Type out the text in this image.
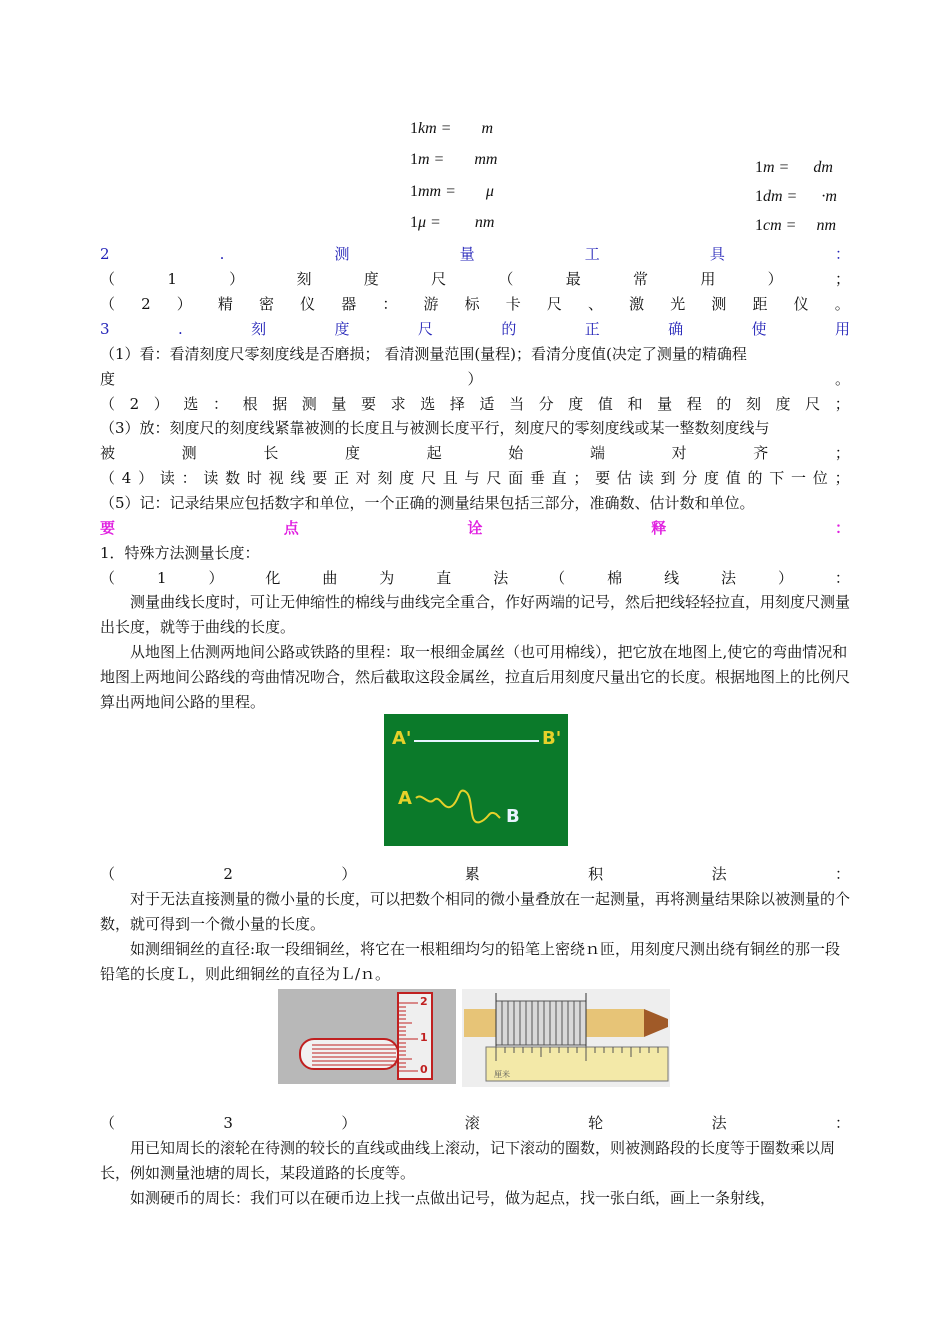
1km = m
1m = mm
1mm = μ
1μ = nm
1m = dm
1dm = ·m
1cm = nm
2	.	测	量	工	具	：
（	1	）	刻	度	尺	（	最	常	用	）	；
（ 2 ） 精 密 仪 器 ： 游 标 卡 尺 、 激 光 测 距 仪 。
3	.	刻	度	尺	的	正	确	使	用
（1）看：看清刻度尺零刻度线是否磨损； 看清测量范围(量程)；看清分度值(决定了测量的精确程
度	）	。
（ 2 ） 选 ： 根 据 测 量 要 求 选 择 适 当 分 度 值 和 量 程 的 刻 度 尺 ；
（3）放：刻度尺的刻度线紧靠被测的长度且与被测长度平行，刻度尺的零刻度线或某一整数刻度线与
被	测	长	度	起	始	端	对	齐	；
（ 4 ） 读 ： 读 数 时 视 线 要 正 对 刻 度 尺 且 与 尺 面 垂 直 ； 要 估 读 到 分 度 值 的 下 一 位 ；
（5）记：记录结果应包括数字和单位，一个正确的测量结果包括三部分，准确数、估计数和单位。
要	点	诠	释	：
1．特殊方法测量长度：
（	1	）	化	曲	为	直	法	（	棉	线	法	）	：
测量曲线长度时，可让无伸缩性的棉线与曲线完全重合，作好两端的记号，然后把线轻轻拉直，用刻度尺测量出长度，就等于曲线的长度。
从地图上估测两地间公路或铁路的里程：取一根细金属丝（也可用棉线），把它放在地图上,使它的弯曲情况和地图上两地间公路线的弯曲情况吻合，然后截取这段金属丝，拉直后用刻度尺量出它的长度。根据地图上的比例尺算出两地间公路的里程。
A'	B'
A
B
（	2	）	累	积	法	：
对于无法直接测量的微小量的长度，可以把数个相同的微小量叠放在一起测量，再将测量结果除以被测量的个数，就可得到一个微小量的长度。
如测细铜丝的直径:取一段细铜丝，将它在一根粗细均匀的铅笔上密绕ｎ匝，用刻度尺测出绕有铜丝的那一段铅笔的长度Ｌ，则此细铜丝的直径为Ｌ/ｎ。
2
1
0	厘米
（	3	）	滚	轮	法	：
用已知周长的滚轮在待测的较长的直线或曲线上滚动，记下滚动的圈数，则被测路段的长度等于圈数乘以周长，例如测量池塘的周长，某段道路的长度等。
如测硬币的周长：我们可以在硬币边上找一点做出记号，做为起点，找一张白纸，画上一条射线，
